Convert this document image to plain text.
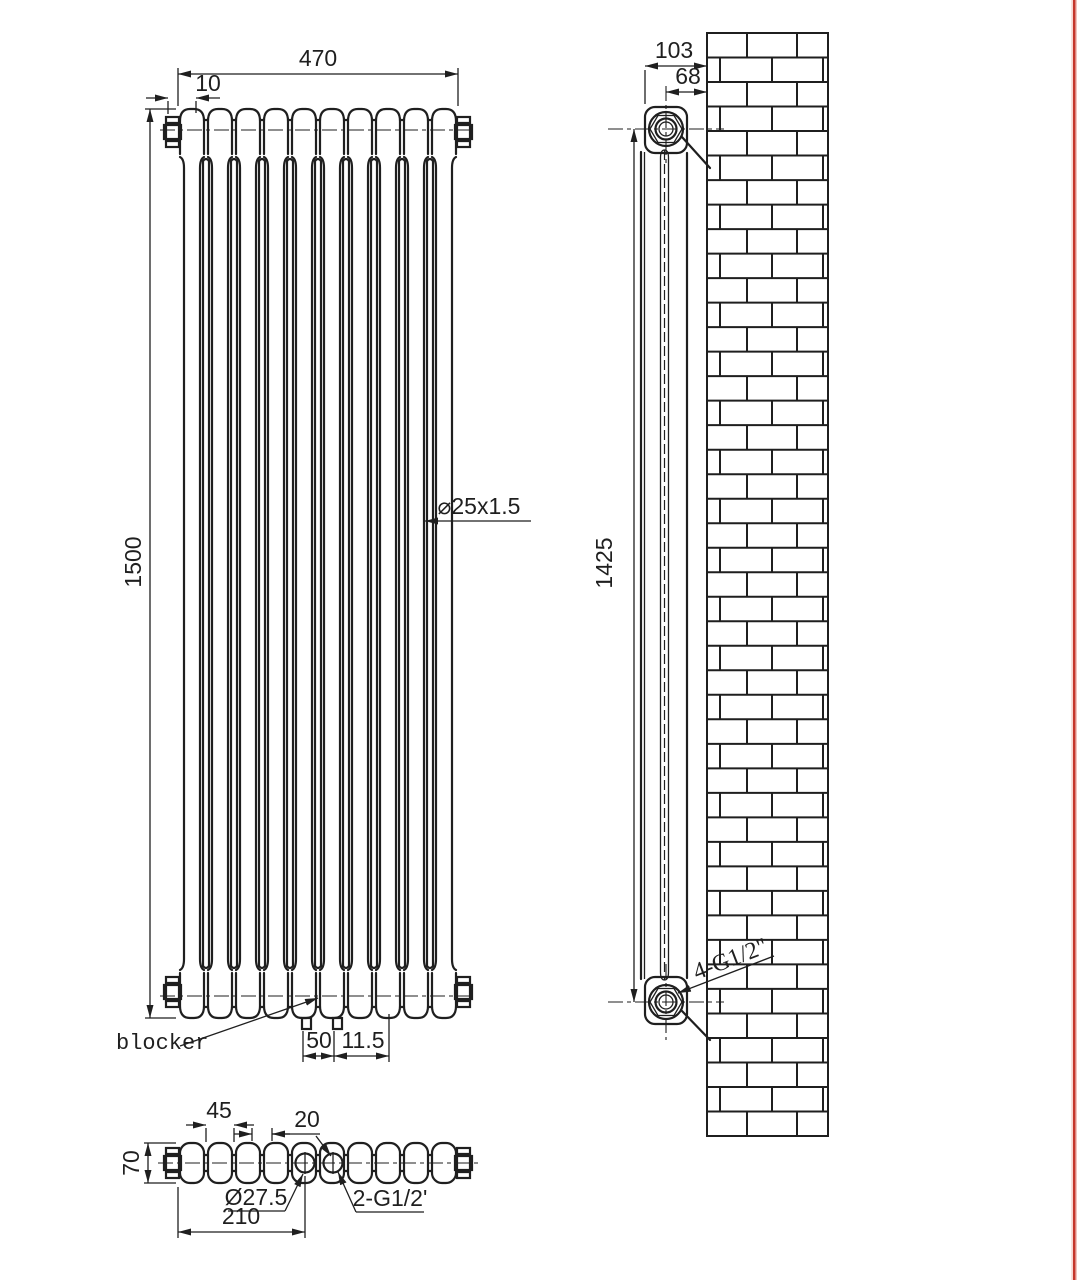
470
10
1500
⌀25x1.5
blocker	50 11.5
103
68
1425
4-G1/2"
70
45	20
Ø27.5
210
2-G1/2'
